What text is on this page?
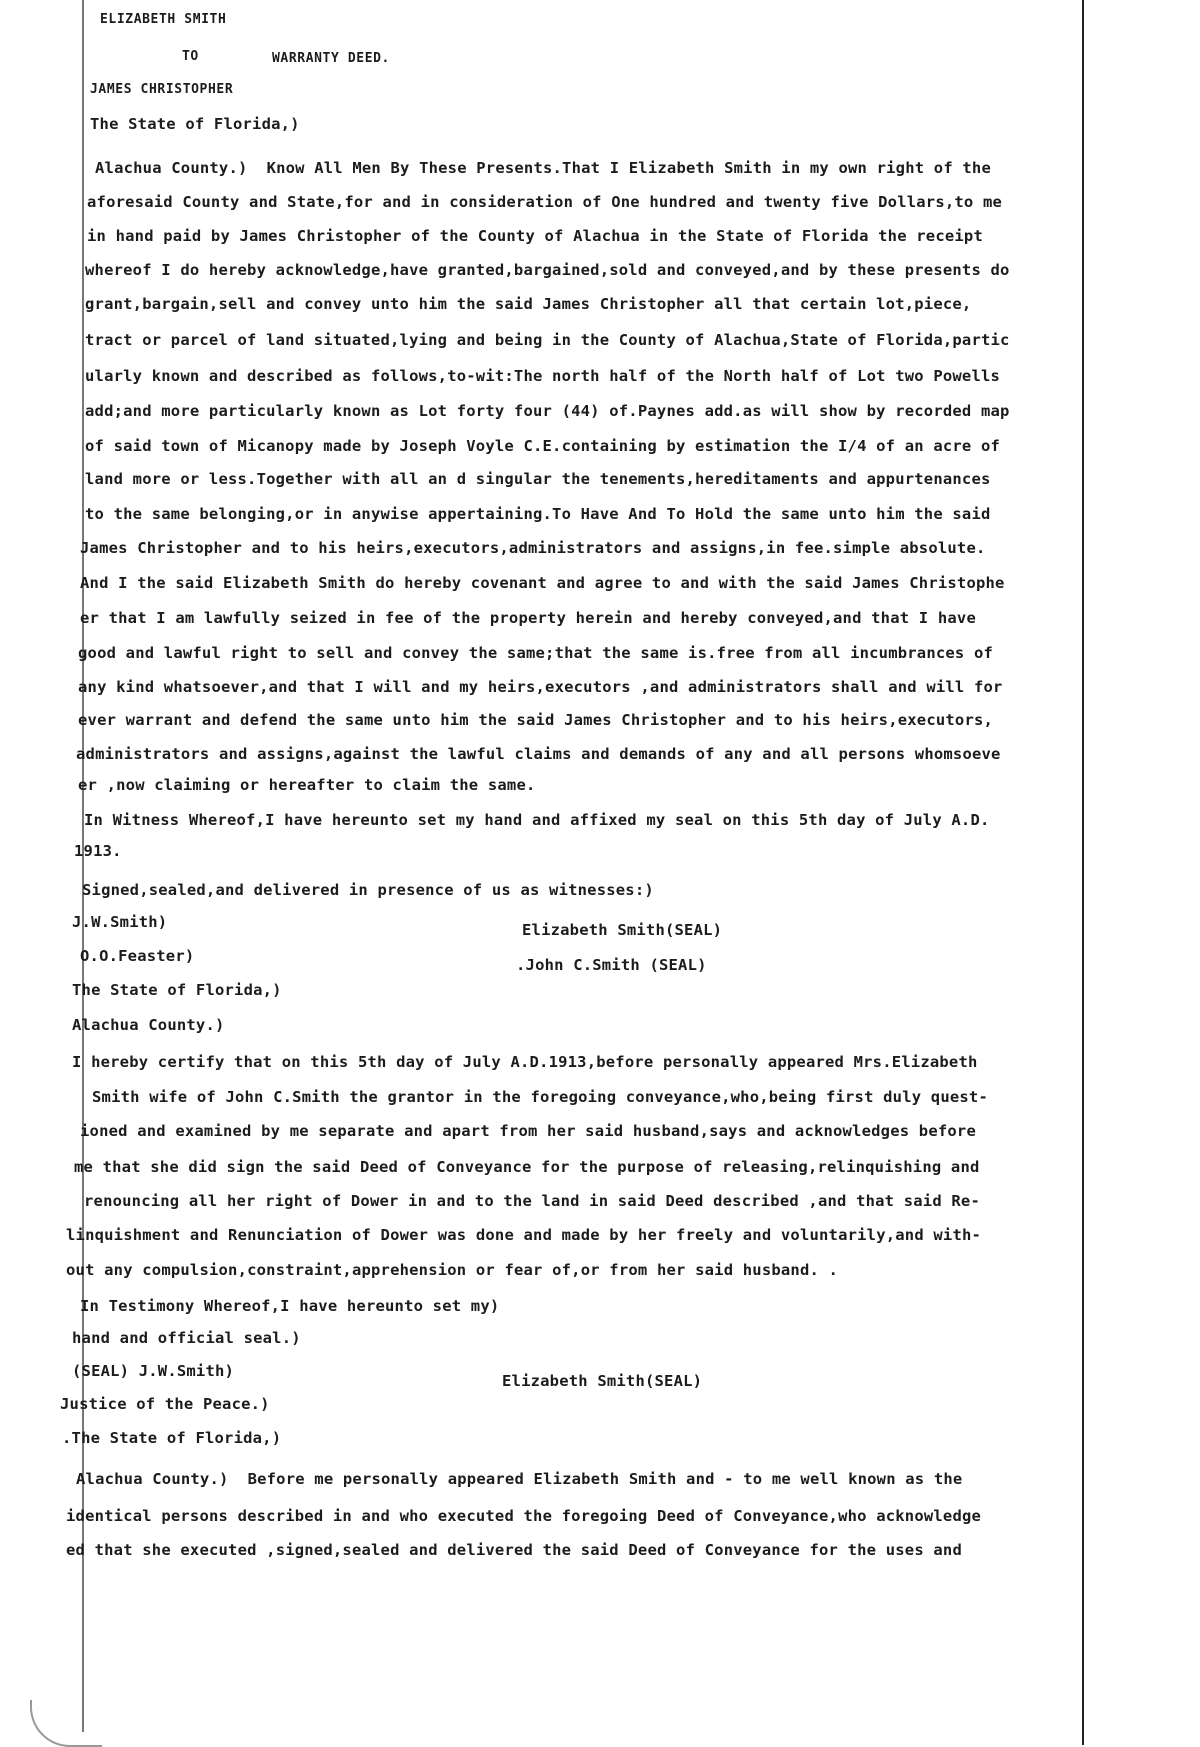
ELIZABETH SMITH
TO	WARRANTY DEED.
JAMES CHRISTOPHER
The State of Florida,)
Alachua County.)  Know All Men By These Presents.That I Elizabeth Smith in my own right of the
aforesaid County and State,for and in consideration of One hundred and twenty five Dollars,to me
in hand paid by James Christopher of the County of Alachua in the State of Florida the receipt
whereof I do hereby acknowledge,have granted,bargained,sold and conveyed,and by these presents do
grant,bargain,sell and convey unto him the said James Christopher all that certain lot,piece,
tract or parcel of land situated,lying and being in the County of Alachua,State of Florida,partic
ularly known and described as follows,to-wit:The north half of the North half of Lot two Powells
add;and more particularly known as Lot forty four (44) of.Paynes add.as will show by recorded map
of said town of Micanopy made by Joseph Voyle C.E.containing by estimation the I/4 of an acre of
land more or less.Together with all an d singular the tenements,hereditaments and appurtenances
to the same belonging,or in anywise appertaining.To Have And To Hold the same unto him the said
James Christopher and to his heirs,executors,administrators and assigns,in fee.simple absolute.
And I the said Elizabeth Smith do hereby covenant and agree to and with the said James Christophe
er that I am lawfully seized in fee of the property herein and hereby conveyed,and that I have
good and lawful right to sell and convey the same;that the same is.free from all incumbrances of
any kind whatsoever,and that I will and my heirs,executors ,and administrators shall and will for
ever warrant and defend the same unto him the said James Christopher and to his heirs,executors,
administrators and assigns,against the lawful claims and demands of any and all persons whomsoeve
er ,now claiming or hereafter to claim the same.
In Witness Whereof,I have hereunto set my hand and affixed my seal on this 5th day of July A.D.
1913.
Signed,sealed,and delivered in presence of us as witnesses:)
J.W.Smith)
O.O.Feaster)
Elizabeth Smith(SEAL)
.John C.Smith (SEAL)
The State of Florida,)
Alachua County.)
I hereby certify that on this 5th day of July A.D.1913,before personally appeared Mrs.Elizabeth
Smith wife of John C.Smith the grantor in the foregoing conveyance,who,being first duly quest-
ioned and examined by me separate and apart from her said husband,says and acknowledges before
me that she did sign the said Deed of Conveyance for the purpose of releasing,relinquishing and
renouncing all her right of Dower in and to the land in said Deed described ,and that said Re-
linquishment and Renunciation of Dower was done and made by her freely and voluntarily,and with-
out any compulsion,constraint,apprehension or fear of,or from her said husband. .
In Testimony Whereof,I have hereunto set my)
hand and official seal.)
(SEAL) J.W.Smith)
Justice of the Peace.)
Elizabeth Smith(SEAL)
.The State of Florida,)
Alachua County.)  Before me personally appeared Elizabeth Smith and - to me well known as the
identical persons described in and who executed the foregoing Deed of Conveyance,who acknowledge
ed that she executed ,signed,sealed and delivered the said Deed of Conveyance for the uses and
